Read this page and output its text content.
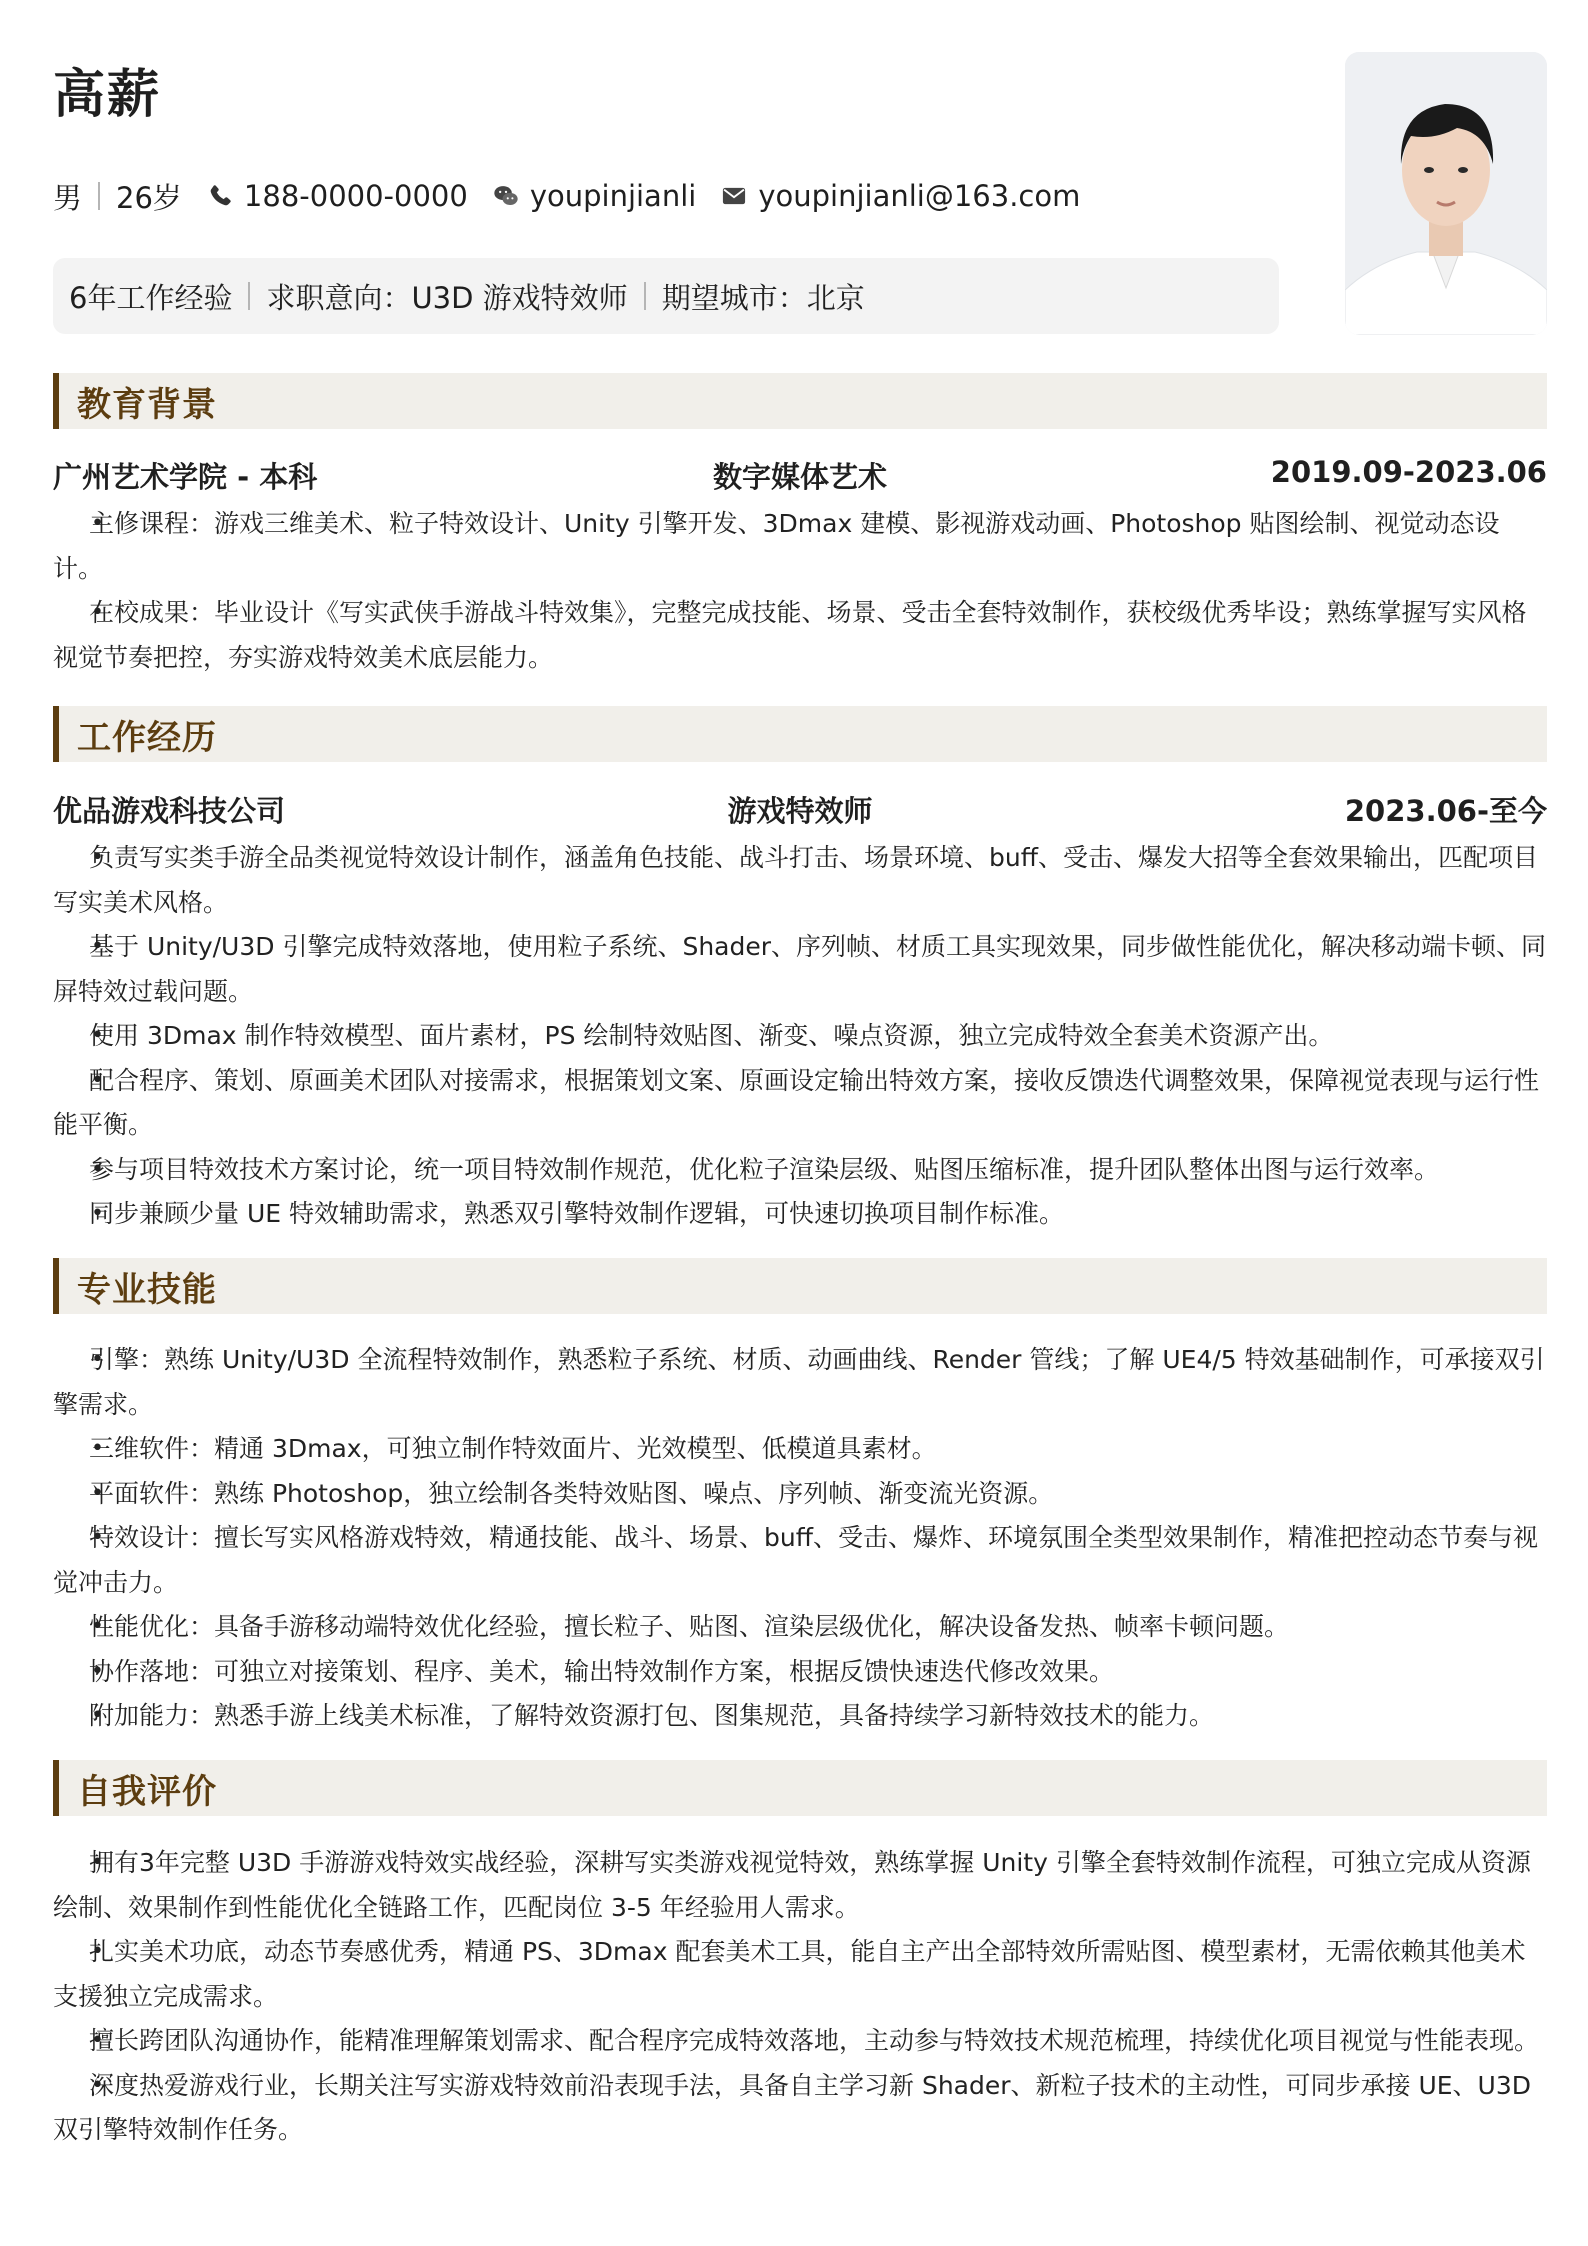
高薪
男 26岁 188-0000-0000 youpinjianli youpinjianli@163.com
6年工作经验 求职意向：U3D 游戏特效师 期望城市：北京
教育背景
广州艺术学院 - 本科	数字媒体艺术	2019.09-2023.06
• 主修课程：游戏三维美术、粒子特效设计、Unity 引擎开发、3Dmax 建模、影视游戏动画、Photoshop 贴图绘制、视觉动态设计。
• 在校成果：毕业设计《写实武侠手游战斗特效集》，完整完成技能、场景、受击全套特效制作，获校级优秀毕设；熟练掌握写实风格视觉节奏把控，夯实游戏特效美术底层能力。
工作经历
优品游戏科技公司	游戏特效师	2023.06-至今
• 负责写实类手游全品类视觉特效设计制作，涵盖角色技能、战斗打击、场景环境、buff、受击、爆发大招等全套效果输出，匹配项目写实美术风格。
• 基于 Unity/U3D 引擎完成特效落地，使用粒子系统、Shader、序列帧、材质工具实现效果，同步做性能优化，解决移动端卡顿、同屏特效过载问题。
• 使用 3Dmax 制作特效模型、面片素材，PS 绘制特效贴图、渐变、噪点资源，独立完成特效全套美术资源产出。
• 配合程序、策划、原画美术团队对接需求，根据策划文案、原画设定输出特效方案，接收反馈迭代调整效果，保障视觉表现与运行性能平衡。
• 参与项目特效技术方案讨论，统一项目特效制作规范，优化粒子渲染层级、贴图压缩标准，提升团队整体出图与运行效率。
• 同步兼顾少量 UE 特效辅助需求，熟悉双引擎特效制作逻辑，可快速切换项目制作标准。
专业技能
• 引擎：熟练 Unity/U3D 全流程特效制作，熟悉粒子系统、材质、动画曲线、Render 管线；了解 UE4/5 特效基础制作，可承接双引擎需求。
• 三维软件：精通 3Dmax，可独立制作特效面片、光效模型、低模道具素材。
• 平面软件：熟练 Photoshop，独立绘制各类特效贴图、噪点、序列帧、渐变流光资源。
• 特效设计：擅长写实风格游戏特效，精通技能、战斗、场景、buff、受击、爆炸、环境氛围全类型效果制作，精准把控动态节奏与视觉冲击力。
• 性能优化：具备手游移动端特效优化经验，擅长粒子、贴图、渲染层级优化，解决设备发热、帧率卡顿问题。
• 协作落地：可独立对接策划、程序、美术，输出特效制作方案，根据反馈快速迭代修改效果。
• 附加能力：熟悉手游上线美术标准，了解特效资源打包、图集规范，具备持续学习新特效技术的能力。
自我评价
• 拥有3年完整 U3D 手游游戏特效实战经验，深耕写实类游戏视觉特效，熟练掌握 Unity 引擎全套特效制作流程，可独立完成从资源绘制、效果制作到性能优化全链路工作，匹配岗位 3-5 年经验用人需求。
• 扎实美术功底，动态节奏感优秀，精通 PS、3Dmax 配套美术工具，能自主产出全部特效所需贴图、模型素材，无需依赖其他美术支援独立完成需求。
• 擅长跨团队沟通协作，能精准理解策划需求、配合程序完成特效落地，主动参与特效技术规范梳理，持续优化项目视觉与性能表现。
• 深度热爱游戏行业，长期关注写实游戏特效前沿表现手法，具备自主学习新 Shader、新粒子技术的主动性，可同步承接 UE、U3D 双引擎特效制作任务。
